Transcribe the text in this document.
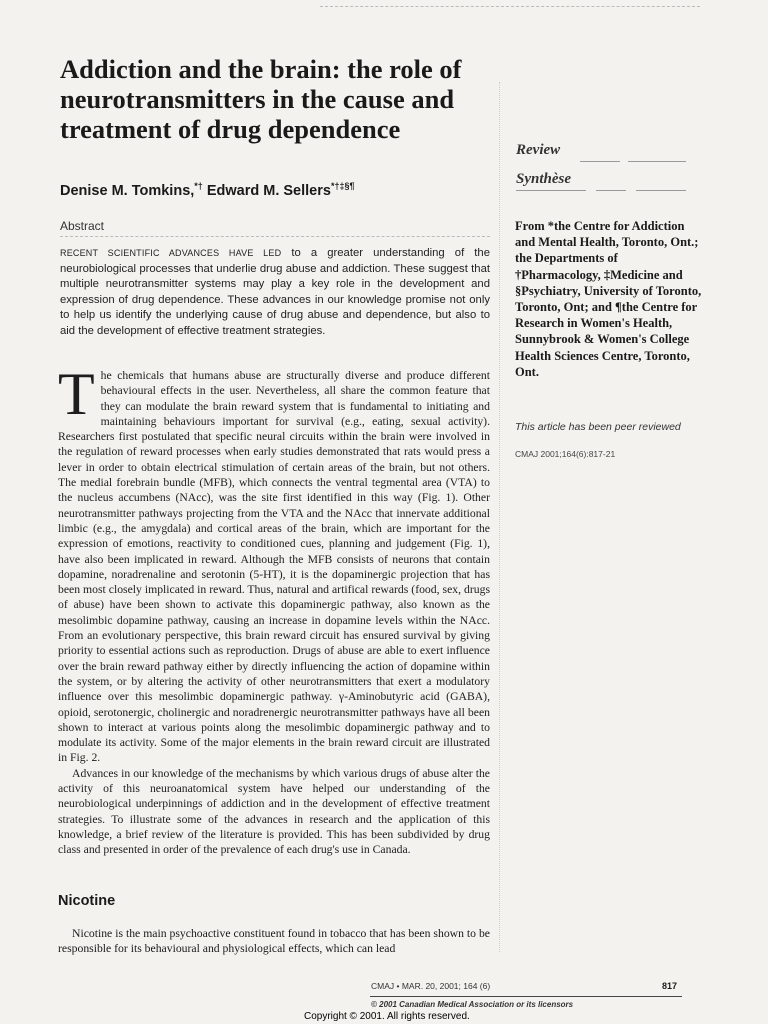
Addiction and the brain: the role of neurotransmitters in the cause and treatment of drug dependence
Denise M. Tomkins,*† Edward M. Sellers*†‡§¶
Abstract
RECENT SCIENTIFIC ADVANCES HAVE LED to a greater understanding of the neurobiological processes that underlie drug abuse and addiction. These suggest that multiple neurotransmitter systems may play a key role in the development and expression of drug dependence. These advances in our knowledge promise not only to help us identify the underlying cause of drug abuse and dependence, but also to aid the development of effective treatment strategies.

The chemicals that humans abuse are structurally diverse and produce different behavioural effects in the user. Nevertheless, all share the common feature that they can modulate the brain reward system that is fundamental to initiating and maintaining behaviours important for survival (e.g., eating, sexual activity). Researchers first postulated that specific neural circuits within the brain were involved in the regulation of reward processes when early studies demonstrated that rats would press a lever in order to obtain electrical stimulation of certain areas of the brain, but not others. The medial forebrain bundle (MFB), which connects the ventral tegmental area (VTA) to the nucleus accumbens (NAcc), was the site first identified in this way (Fig. 1). Other neurotransmitter pathways projecting from the VTA and the NAcc that innervate additional limbic (e.g., the amygdala) and cortical areas of the brain, which are important for the expression of emotions, reactivity to conditioned cues, planning and judgement (Fig. 1), have also been implicated in reward. Although the MFB consists of neurons that contain dopamine, noradrenaline and serotonin (5-HT), it is the dopaminergic projection that has been most closely implicated in reward. Thus, natural and artifical rewards (food, sex, drugs of abuse) have been shown to activate this dopaminergic pathway, also known as the mesolimbic dopamine pathway, causing an increase in dopamine levels within the NAcc. From an evolutionary perspective, this brain reward circuit has ensured survival by giving priority to essential actions such as reproduction. Drugs of abuse are able to exert influence over the brain reward pathway either by directly influencing the action of dopamine within the system, or by altering the activity of other neurotransmitters that exert a modulatory influence over this mesolimbic dopaminergic pathway. γ-Aminobutyric acid (GABA), opioid, serotonergic, cholinergic and noradrenergic neurotransmitter pathways have all been shown to interact at various points along the mesolimbic dopaminergic pathway and to modulate its activity. Some of the major elements in the brain reward circuit are illustrated in Fig. 2.

Advances in our knowledge of the mechanisms by which various drugs of abuse alter the activity of this neuroanatomical system have helped our understanding of the neurobiological underpinnings of addiction and in the development of effective treatment strategies. To illustrate some of the advances in research and the application of this knowledge, a brief review of the literature is provided. This has been subdivided by drug class and presented in order of the prevalence of each drug's use in Canada.

Nicotine
Nicotine is the main psychoactive constituent found in tobacco that has been shown to be responsible for its behavioural and physiological effects, which can lead
Review
Synthèse
From *the Centre for Addiction and Mental Health, Toronto, Ont.; the Departments of †Pharmacology, ‡Medicine and §Psychiatry, University of Toronto, Toronto, Ont; and ¶the Centre for Research in Women's Health, Sunnybrook & Women's College Health Sciences Centre, Toronto, Ont.
This article has been peer reviewed
CMAJ 2001;164(6):817-21
CMAJ • MAR. 20, 2001; 164 (6)	817
© 2001 Canadian Medical Association or its licensors
Copyright © 2001. All rights reserved.
